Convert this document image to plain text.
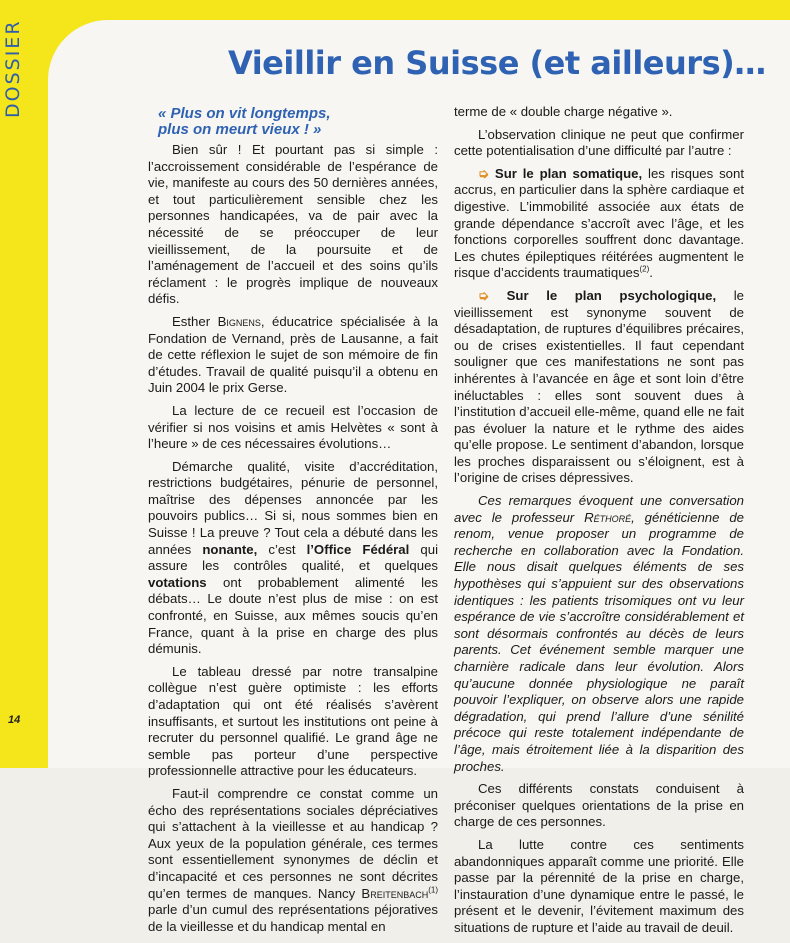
DOSSIER	Vieillir en Suisse (et ailleurs)…
« Plus on vit longtemps,
plus on meurt vieux ! »

Bien sûr ! Et pourtant pas si simple : l’accroissement considérable de l’espérance de vie, manifeste au cours des 50 dernières années, et tout particulièrement sensible chez les personnes handicapées, va de pair avec la nécessité de se préoccuper de leur vieillissement, de la poursuite et de l’aménagement de l’accueil et des soins qu’ils réclament : le progrès implique de nouveaux défis.

Esther Bignens, éducatrice spécialisée à la Fondation de Vernand, près de Lausanne, a fait de cette réflexion le sujet de son mémoire de fin d’études. Travail de qualité puisqu’il a obtenu en Juin 2004 le prix Gerse.

La lecture de ce recueil est l’occasion de vérifier si nos voisins et amis Helvètes « sont à l’heure » de ces nécessaires évolutions…

Démarche qualité, visite d’accréditation, restrictions budgétaires, pénurie de personnel, maîtrise des dépenses annoncée par les pouvoirs publics… Si si, nous sommes bien en Suisse ! La preuve ? Tout cela a débuté dans les années nonante, c’est l’Office Fédéral qui assure les contrôles qualité, et quelques votations ont probablement alimenté les débats… Le doute n’est plus de mise : on est confronté, en Suisse, aux mêmes soucis qu’en France, quant à la prise en charge des plus démunis.

Le tableau dressé par notre transalpine collègue n’est guère optimiste : les efforts d’adaptation qui ont été réalisés s’avèrent insuffisants, et surtout les institutions ont peine à recruter du personnel qualifié. Le grand âge ne semble pas porteur d’une perspective professionnelle attractive pour les éducateurs.

Faut-il comprendre ce constat comme un écho des représentations sociales dépréciatives qui s’attachent à la vieillesse et au handicap ? Aux yeux de la population générale, ces termes sont essentiellement synonymes de déclin et d’incapacité et ces personnes ne sont décrites qu’en termes de manques. Nancy Breitenbach$^{(1)}$ parle d’un cumul des représentations péjoratives de la vieillesse et du handicap mental en

terme de « double charge négative ».

L’observation clinique ne peut que confirmer cette potentialisation d’une difficulté par l’autre :

➭ Sur le plan somatique, les risques sont accrus, en particulier dans la sphère cardiaque et digestive. L’immobilité associée aux états de grande dépendance s’accroît avec l’âge, et les fonctions corporelles souffrent donc davantage. Les chutes épileptiques réitérées augmentent le risque d’accidents traumatiques$^{(2)}$.

➭ Sur le plan psychologique, le vieillissement est synonyme souvent de désadaptation, de ruptures d’équilibres précaires, ou de crises existentielles. Il faut cependant souligner que ces manifestations ne sont pas inhérentes à l’avancée en âge et sont loin d’être inéluctables : elles sont souvent dues à l’institution d’accueil elle-même, quand elle ne fait pas évoluer la nature et le rythme des aides qu’elle propose. Le sentiment d’abandon, lorsque les proches disparaissent ou s’éloignent, est à l’origine de crises dépressives.

Ces remarques évoquent une conversation avec le professeur Réthoré, généticienne de renom, venue proposer un programme de recherche en collaboration avec la Fondation. Elle nous disait quelques éléments de ses hypothèses qui s’appuient sur des observations identiques : les patients trisomiques ont vu leur espérance de vie s’accroître considérablement et sont désormais confrontés au décès de leurs parents. Cet événement semble marquer une charnière radicale dans leur évolution. Alors qu’aucune donnée physiologique ne paraît pouvoir l’expliquer, on observe alors une rapide dégradation, qui prend l’allure d’une sénilité précoce qui reste totalement indépendante de l’âge, mais étroitement liée à la disparition des proches.

Ces différents constats conduisent à préconiser quelques orientations de la prise en charge de ces personnes.

La lutte contre ces sentiments abandonniques apparaît comme une priorité. Elle passe par la pérennité de la prise en charge, l’instauration d’une dynamique entre le passé, le présent et le devenir, l’évitement maximum des situations de rupture et l’aide au travail de deuil.

14
